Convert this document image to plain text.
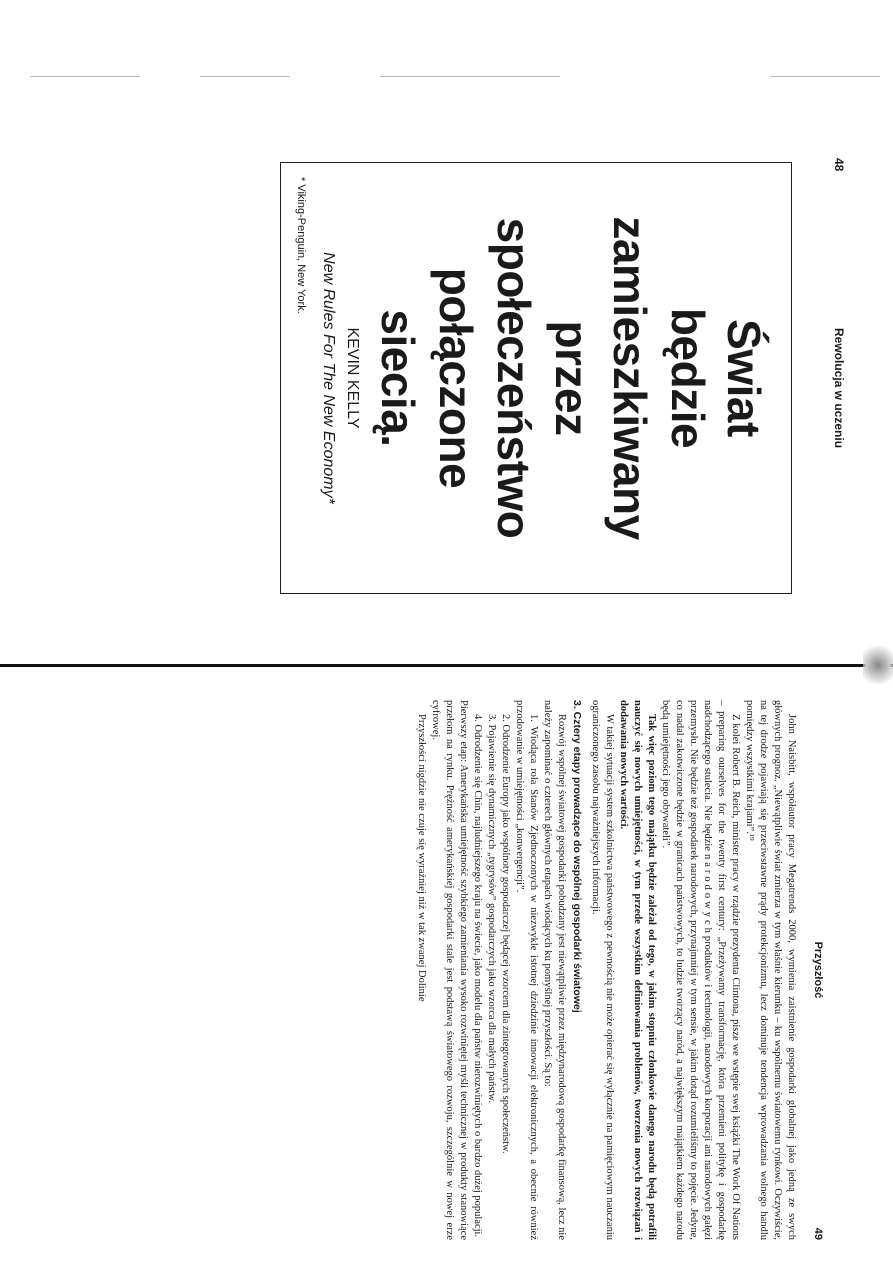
48
Rewolucja w uczeniu
Świat
będzie
zamieszkiwany
przez
społeczeństwo
połączone
siecią.
KEVIN KELLY
New Rules For The New Economy*
* Viking-Penguin, New York.
Przyszłość
49

John Naisbitt, współautor pracy Megatrends 2000, wymienia zaistnienie gospodarki globalnej jako jedną ze swych głównych prognoz. „Niewątpliwie świat zmierza w tym właśnie kierunku – ku wspólnemu światowemu rynkowi. Oczywiście, na tej drodze pojawiają się przeciwstawne prądy protekcjonizmu, lecz dominuje tendencja wprowadzania wolnego handlu pomiędzy wszystkimi krajami”.¹⁹

Z kolei Robert B. Reich, minister pracy w rządzie prezydenta Clintona, pisze we wstępie swej książki The Work Of Nations – preparing ourselves for the twenty first century: „Przeżywamy transformację, która przemieni politykę i gospodarkę nadchodzącego stulecia. Nie będzie n a r o d o w y c h produktów i technologii, narodowych korporacji ani narodowych gałęzi przemysłu. Nie będzie też gospodarek narodowych, przynajmniej w tym sensie, w jakim dotąd rozumieliśmy to pojęcie. Jedyne, co nadal zakotwiczone będzie w granicach państwowych, to ludzie tworzący naród, a największym majątkiem każdego narodu będą umiejętności jego obywateli”.

Tak więc poziom tego majątku będzie zależał od tego, w jakim stopniu członkowie danego narodu będą potrafili nauczyć się nowych umiejętności, w tym przede wszystkim definiowania problemów, tworzenia nowych rozwiązań i dodawania nowych wartości.

W takiej sytuacji system szkolnictwa państwowego z pewnością nie może opierać się wyłącznie na pamięciowym nauczaniu ograniczonego zasobu najważniejszych informacji.

3. Cztery etapy prowadzące do wspólnej gospodarki światowej

Rozwój wspólnej światowej gospodarki pobudzany jest niewątpliwie przez międzynarodową gospodarkę finansową, lecz nie należy zapominać o czterech głównych etapach wiodących ku pomyślnej przyszłości. Są to:

1. Wiodąca rola Stanów Zjednoczonych w niezwykle istotnej dziedzinie innowacji elektronicznych, a obecnie również przodowanie w umiejętności „konwergencji”.

2. Odrodzenie Europy jako wspólnoty gospodarczej będącej wzorcem dla zintegrowanych społeczeństw.

3. Pojawienie się dynamicznych „tygrysów” gospodarczych jako wzorca dla małych państw.

4. Odrodzenie się Chin, najludniejszego kraju na świecie, jako modelu dla państw nierozwiniętych o bardzo dużej populacji.

Pierwszy etap: Amerykańska umiejętność szybkiego zamieniania wysoko rozwiniętej myśli technicznej w produkty stanowiące przełom na rynku. Prężność amerykańskiej gospodarki stale jest podstawą światowego rozwoju, szczególnie w nowej erze cyfrowej.

Przyszłości nigdzie nie czuje się wyraźniej niż w tak zwanej Dolinie
